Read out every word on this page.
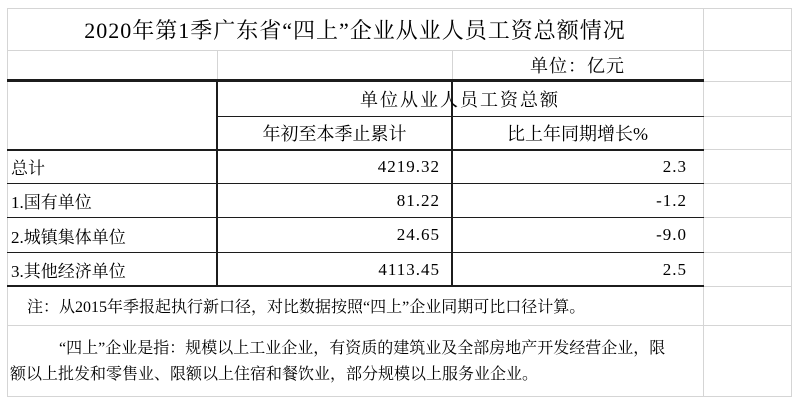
2020年第1季广东省“四上”企业从业人员工资总额情况
单位：亿元
单位从业人员工资总额
年初至本季止累计	比上年同期增长%
总计	4219.32	2.3
1.国有单位	81.22	-1.2
2.城镇集体单位	24.65	-9.0
3.其他经济单位	4113.45	2.5
注：从2015年季报起执行新口径，对比数据按照“四上”企业同期可比口径计算。
“四上”企业是指：规模以上工业企业，有资质的建筑业及全部房地产开发经营企业，限额以上批发和零售业、限额以上住宿和餐饮业，部分规模以上服务业企业。
